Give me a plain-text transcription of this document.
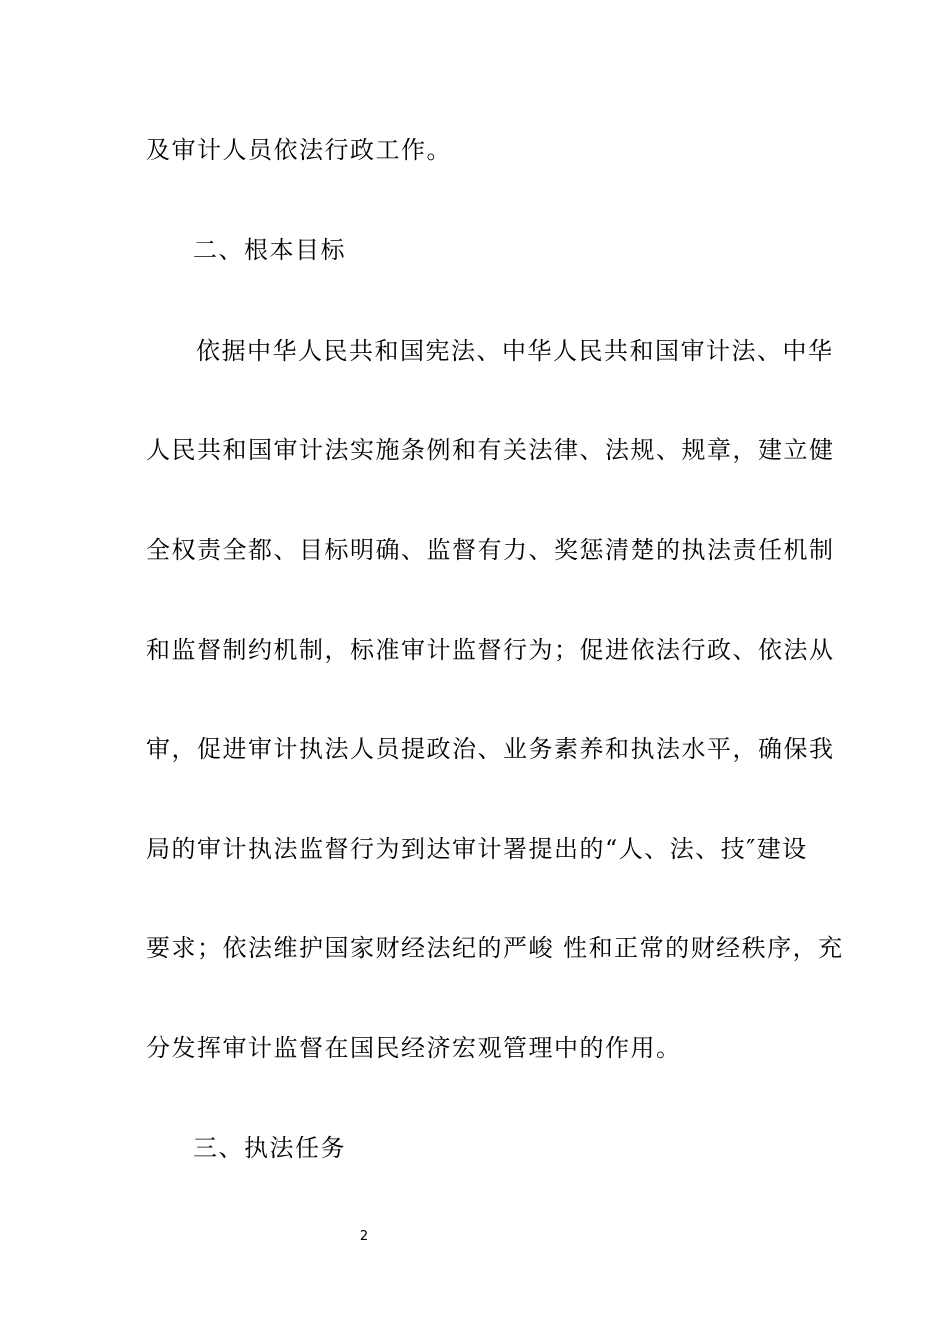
及审计人员依法行政工作。
二、根本目标
依据中华人民共和国宪法、中华人民共和国审计法、中华
人民共和国审计法实施条例和有关法律、法规、规章，建立健
全权责全都、目标明确、监督有力、奖惩清楚的执法责任机制
和监督制约机制，标准审计监督行为；促进依法行政、依法从
审，促进审计执法人员提政治、业务素养和执法水平，确保我
局的审计执法监督行为到达审计署提出的“人、法、技″建设
要求；依法维护国家财经法纪的严峻 性和正常的财经秩序，充
分发挥审计监督在国民经济宏观管理中的作用。
三、执法任务
2
